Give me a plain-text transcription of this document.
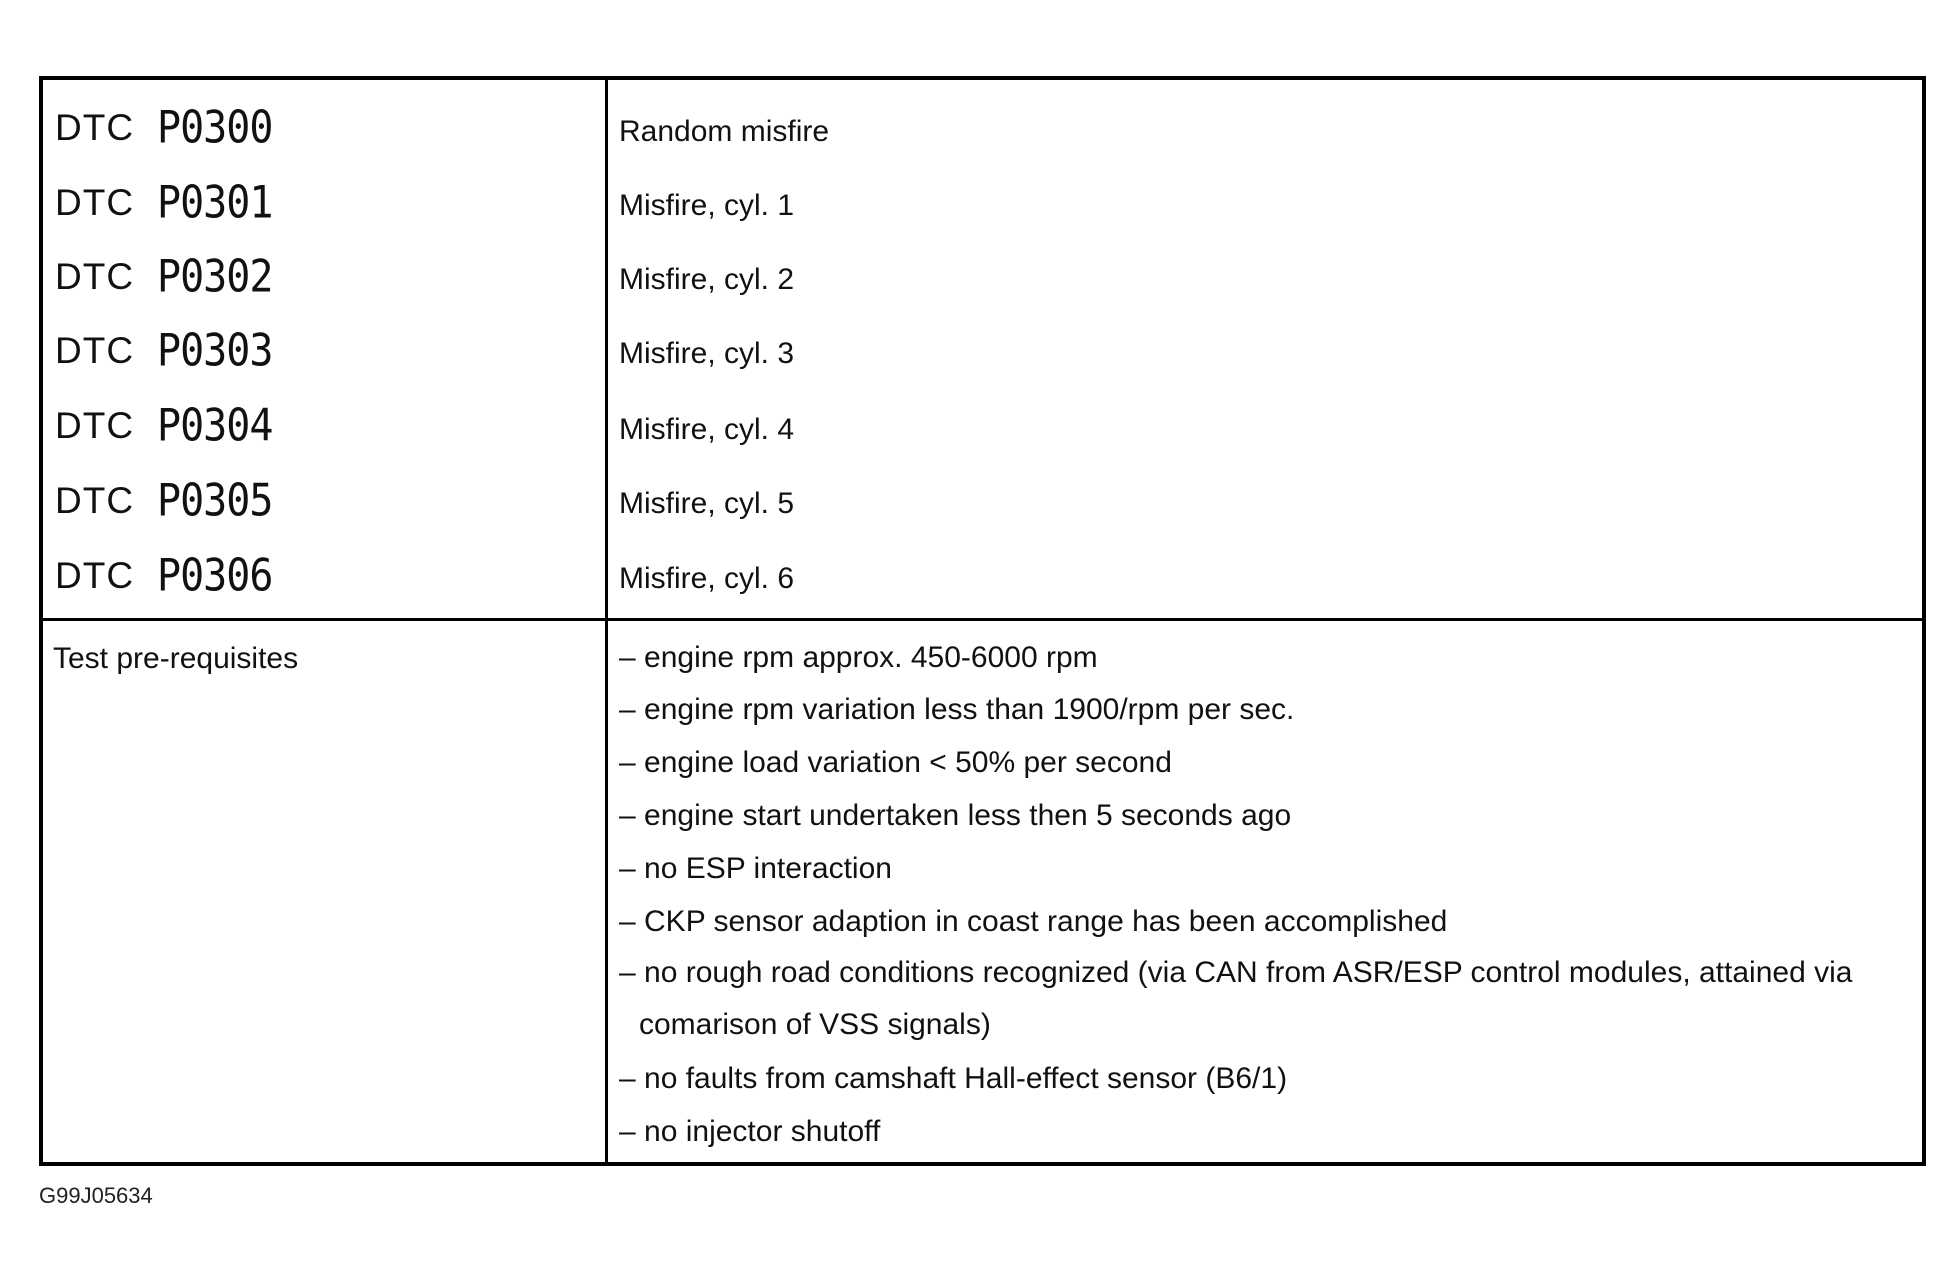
DTC P0300
DTC P0301
DTC P0302
DTC P0303
DTC P0304
DTC P0305
DTC P0306
Random misfire
Misfire, cyl. 1
Misfire, cyl. 2
Misfire, cyl. 3
Misfire, cyl. 4
Misfire, cyl. 5
Misfire, cyl. 6
Test pre-requisites	– engine rpm approx. 450-6000 rpm
– engine rpm variation less than 1900/rpm per sec.
– engine load variation < 50% per second
– engine start undertaken less then 5 seconds ago
– no ESP interaction
– CKP sensor adaption in coast range has been accomplished
– no rough road conditions recognized (via CAN from ASR/ESP control modules, attained via
comarison of VSS signals)
– no faults from camshaft Hall-effect sensor (B6/1)
– no injector shutoff
G99J05634
